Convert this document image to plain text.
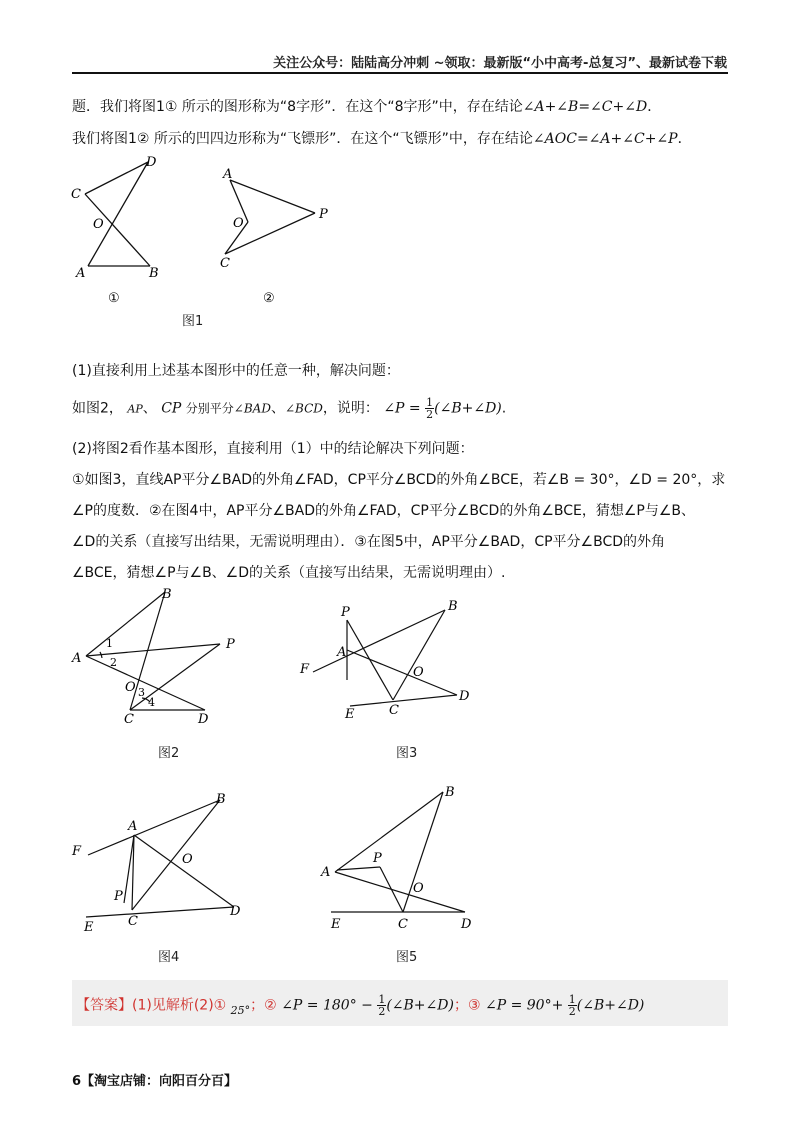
关注公众号：陆陆高分冲刺 ~领取：最新版“小中高考-总复习”、最新试卷下载
题．我们将图1① 所示的图形称为“8字形”．在这个“8字形”中，存在结论∠A+∠B=∠C+∠D．
我们将图1② 所示的凹四边形称为“飞镖形”．在这个“飞镖形”中，存在结论∠AOC=∠A+∠C+∠P．
D
C
O
A	B
A
O
P
C
①	②
图1
(1)直接利用上述基本图形中的任意一种，解决问题：
如图2， AP、 CP 分别平分∠BAD、∠BCD，说明： ∠P = $\frac{1}{2}$ (∠B+∠D).
(2)将图2看作基本图形，直接利用（1）中的结论解决下列问题：
①如图3，直线AP平分∠BAD的外角∠FAD，CP平分∠BCD的外角∠BCE，若∠B = 30°，∠D = 20°，求
∠P的度数．②在图4中，AP平分∠BAD的外角∠FAD，CP平分∠BCD的外角∠BCE，猜想∠P与∠B、
∠D的关系（直接写出结果，无需说明理由）．③在图5中，AP平分∠BAD，CP平分∠BCD的外角
∠BCE，猜想∠P与∠B、∠D的关系（直接写出结果，无需说明理由）.
B
A
P
O
C	D
1
2
3
4
图2
P	B
A
F	O
D
C
E
图3
B
A
F
O
P
D
C
E
图4
B
A
P
O
E	C	D
图5
【答案】(1)见解析(2)① $_{25^\circ}$；② ∠P = $180^\circ - \frac{1}{2}$ (∠B+∠D)；③ ∠P = $90^\circ+ \frac{1}{2}$ (∠B+∠D)
6【淘宝店铺：向阳百分百】
